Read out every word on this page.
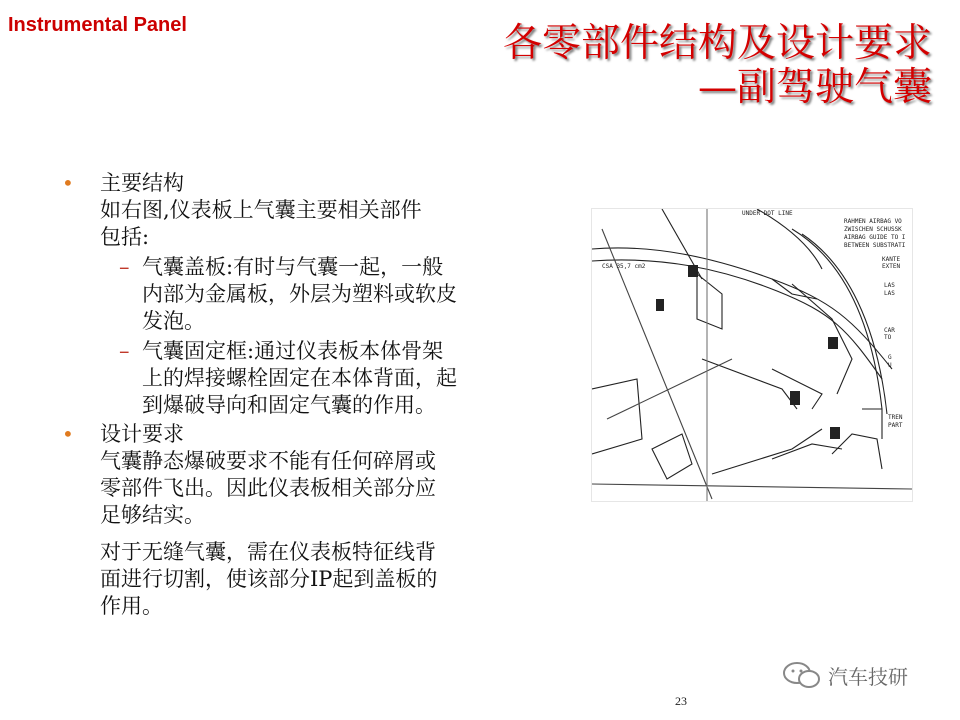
Instrumental Panel	各零部件结构及设计要求
—副驾驶气囊
• 主要结构
如右图,仪表板上气囊主要相关部件
包括:
– 气囊盖板:有时与气囊一起，一般
内部为金属板，外层为塑料或软皮
发泡。
– 气囊固定框:通过仪表板本体骨架
上的焊接螺栓固定在本体背面，起
到爆破导向和固定气囊的作用。
• 设计要求
气囊静态爆破要求不能有任何碎屑或
零部件飞出。因此仪表板相关部分应
足够结实。
对于无缝气囊，需在仪表板特征线背
面进行切割，使该部分IP起到盖板的
作用。
UNDER DOT LINE
CSA 35,7 cm2
RAHMEN AIRBAG VO
ZWISCHEN SCHUSSK
AIRBAG GUIDE TO I
BETWEEN SUBSTRATI
KANTE
EXTEN
LAS
LAS
CAR
TO
G
U
TREN
PART
汽车技研
23
